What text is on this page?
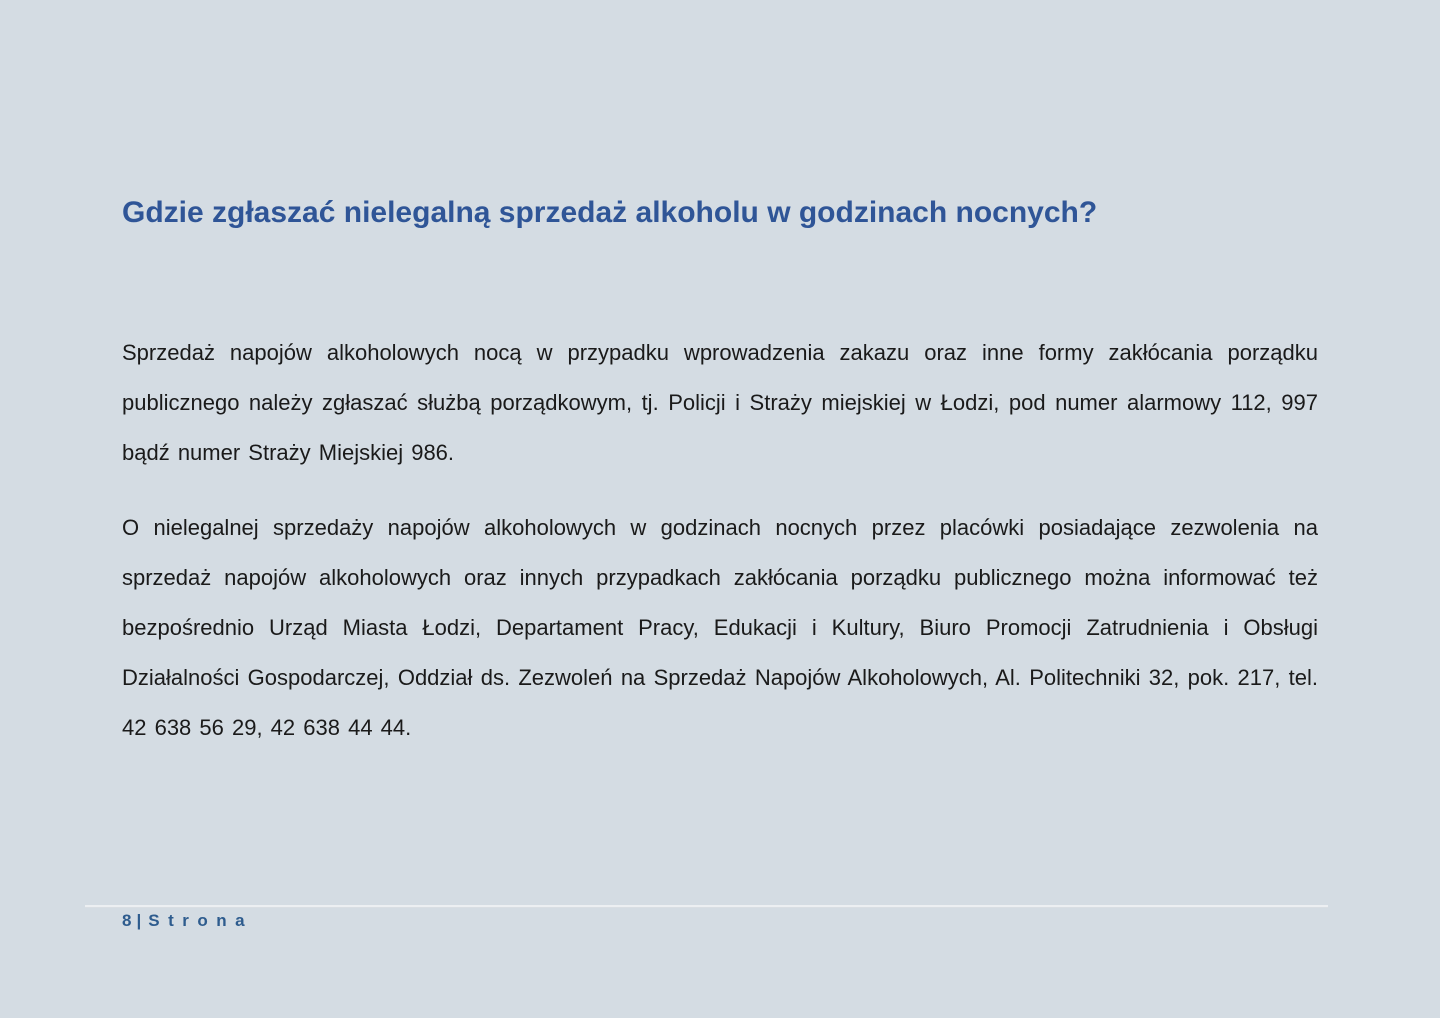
Gdzie zgłaszać nielegalną sprzedaż alkoholu w godzinach nocnych?

Sprzedaż napojów alkoholowych nocą w przypadku wprowadzenia zakazu oraz inne formy zakłócania porządku publicznego należy zgłaszać służbą porządkowym, tj. Policji i Straży miejskiej w Łodzi, pod numer alarmowy 112, 997 bądź numer Straży Miejskiej 986.

O nielegalnej sprzedaży napojów alkoholowych w godzinach nocnych przez placówki posiadające zezwolenia na sprzedaż napojów alkoholowych oraz innych przypadkach zakłócania porządku publicznego można informować też bezpośrednio Urząd Miasta Łodzi, Departament Pracy, Edukacji i Kultury, Biuro Promocji Zatrudnienia i Obsługi Działalności Gospodarczej, Oddział ds. Zezwoleń na Sprzedaż Napojów Alkoholowych, Al. Politechniki 32, pok. 217, tel. 42 638 56 29, 42 638 44 44.

8 | Strona
